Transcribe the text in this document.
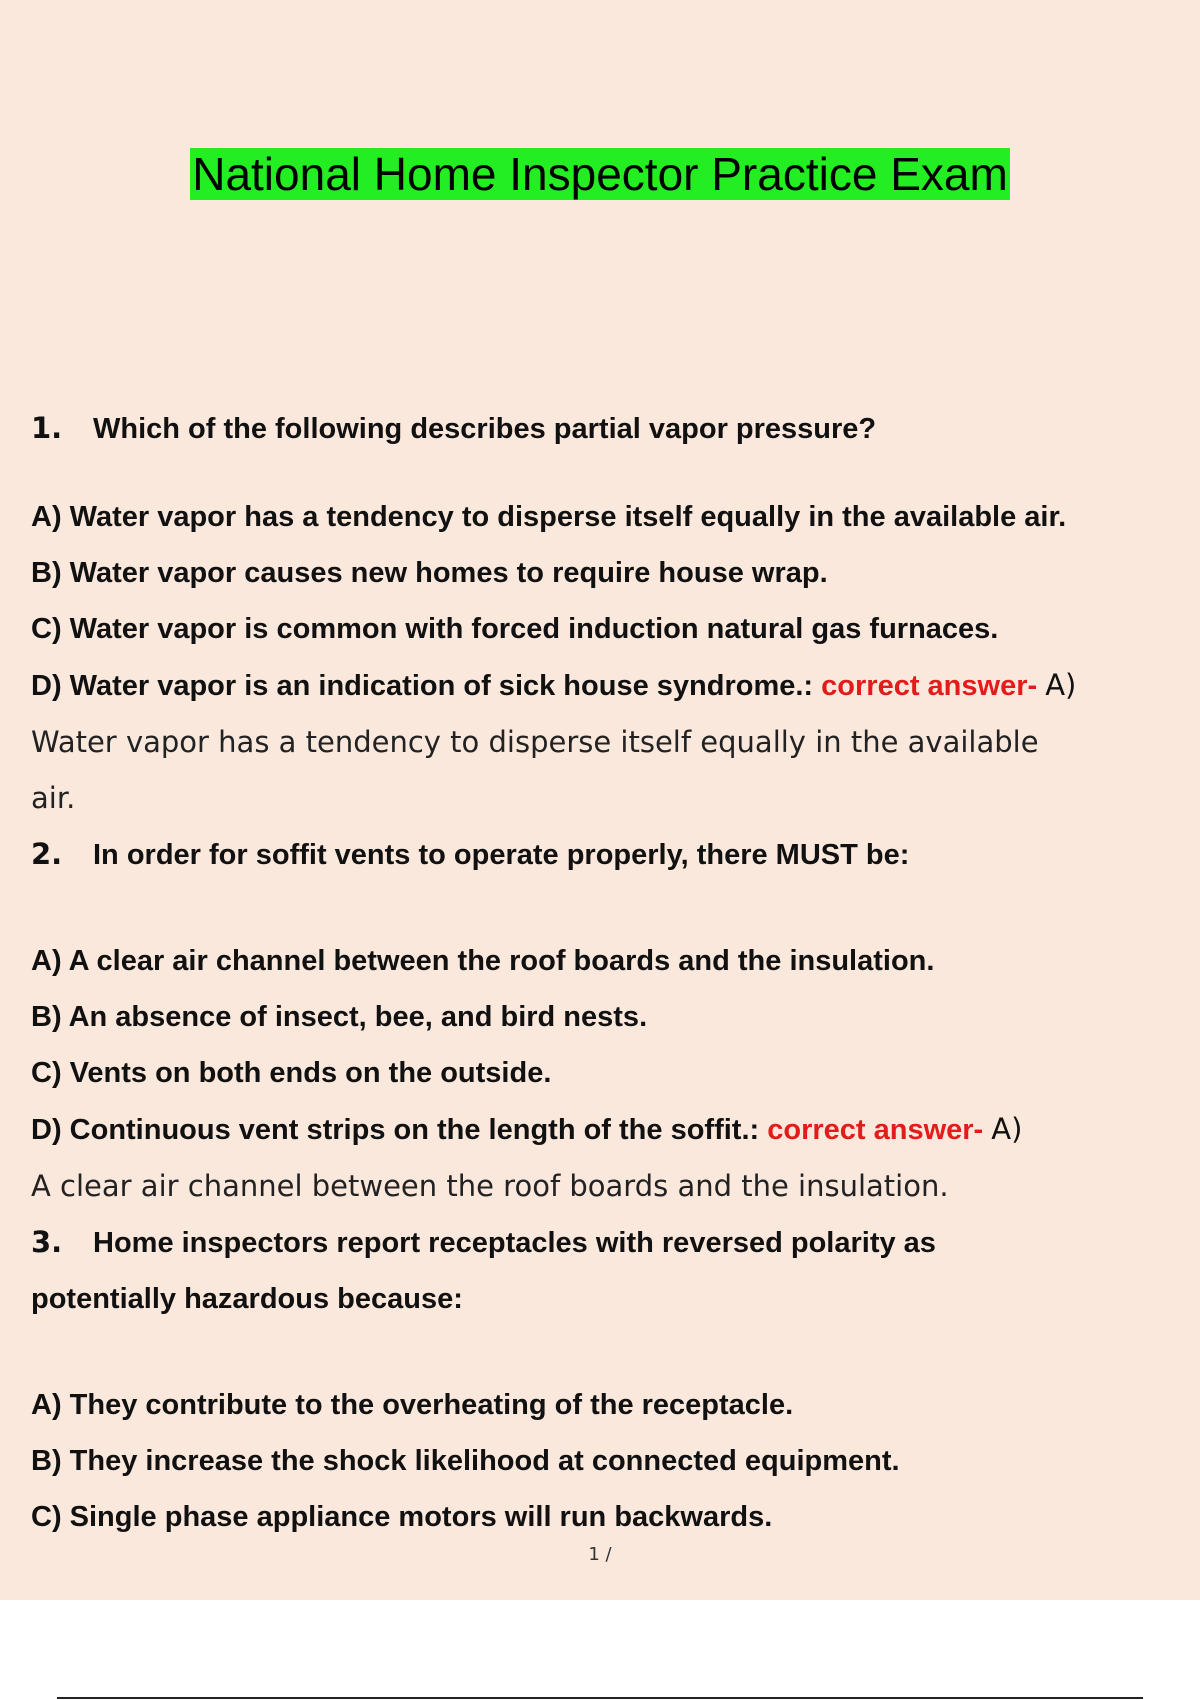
National Home Inspector Practice Exam
1. Which of the following describes partial vapor pressure?
A) Water vapor has a tendency to disperse itself equally in the available air.
B) Water vapor causes new homes to require house wrap.
C) Water vapor is common with forced induction natural gas furnaces.
D) Water vapor is an indication of sick house syndrome.: correct answer- A)
Water vapor has a tendency to disperse itself equally in the available
air.
2. In order for soffit vents to operate properly, there MUST be:
A) A clear air channel between the roof boards and the insulation.
B) An absence of insect, bee, and bird nests.
C) Vents on both ends on the outside.
D) Continuous vent strips on the length of the soffit.: correct answer- A)
A clear air channel between the roof boards and the insulation.
3. Home inspectors report receptacles with reversed polarity as
potentially hazardous because:
A) They contribute to the overheating of the receptacle.
B) They increase the shock likelihood at connected equipment.
C) Single phase appliance motors will run backwards.
1 /
